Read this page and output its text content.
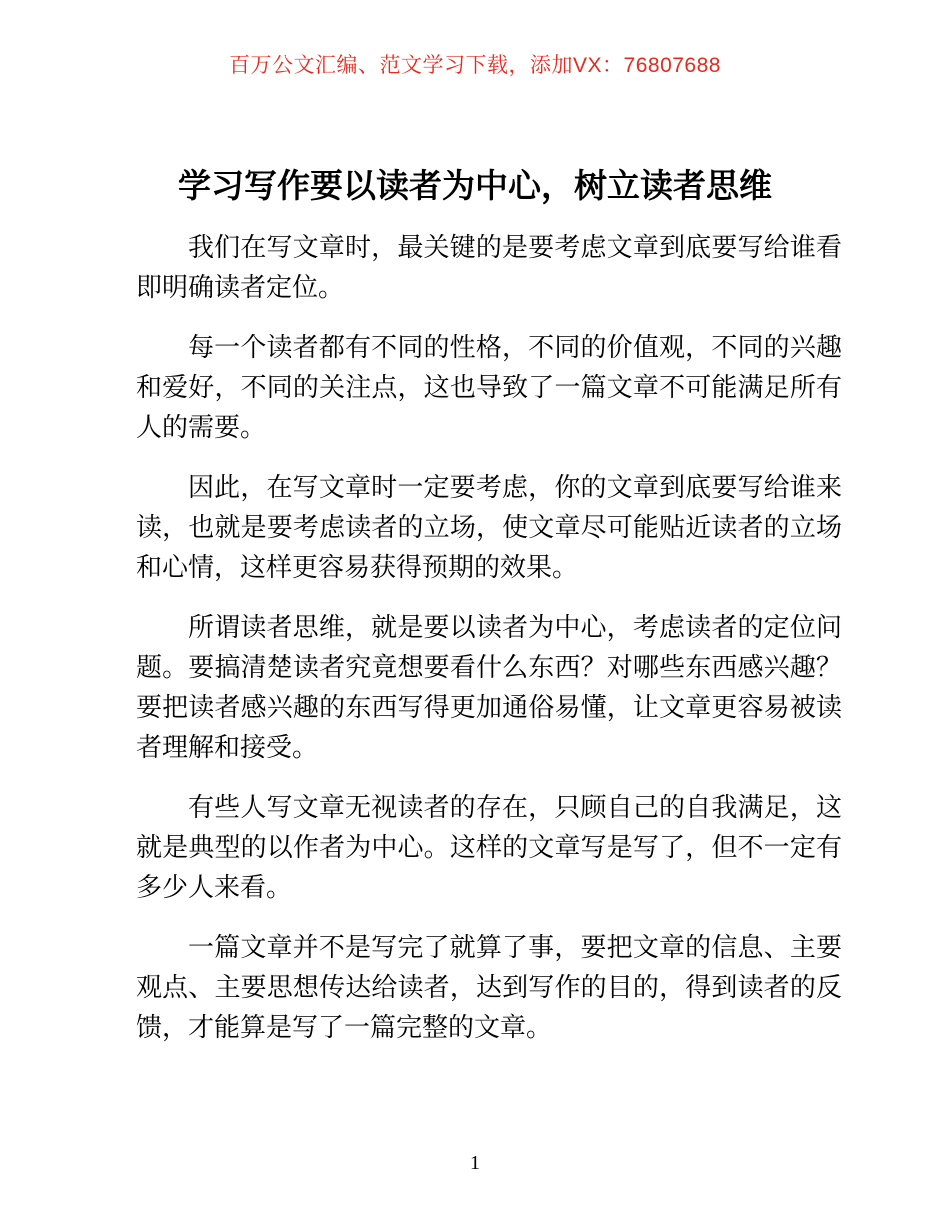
百万公文汇编、范文学习下载，添加VX：76807688
学习写作要以读者为中心，树立读者思维

我们在写文章时，最关键的是要考虑文章到底要写给谁看即明确读者定位。

每一个读者都有不同的性格，不同的价值观，不同的兴趣和爱好，不同的关注点，这也导致了一篇文章不可能满足所有人的需要。

因此，在写文章时一定要考虑，你的文章到底要写给谁来读，也就是要考虑读者的立场，使文章尽可能贴近读者的立场和心情，这样更容易获得预期的效果。

所谓读者思维，就是要以读者为中心，考虑读者的定位问题。要搞清楚读者究竟想要看什么东西？对哪些东西感兴趣？要把读者感兴趣的东西写得更加通俗易懂，让文章更容易被读者理解和接受。

有些人写文章无视读者的存在，只顾自己的自我满足，这就是典型的以作者为中心。这样的文章写是写了，但不一定有多少人来看。

一篇文章并不是写完了就算了事，要把文章的信息、主要观点、主要思想传达给读者，达到写作的目的，得到读者的反馈，才能算是写了一篇完整的文章。

1
